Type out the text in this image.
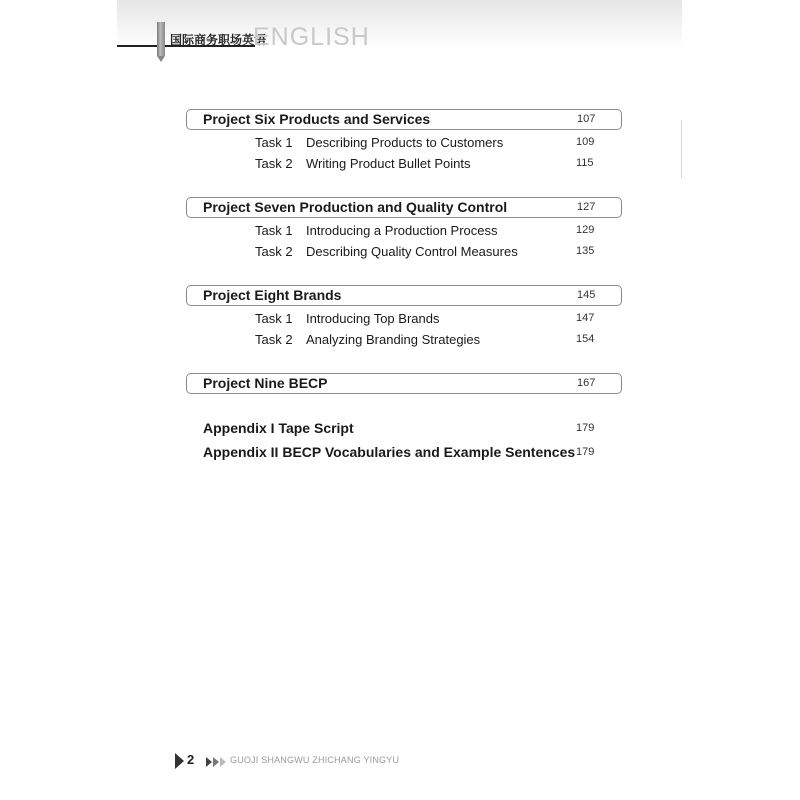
国际商务职场英语
ENGLISH
Project Six Products and Services	107
Task 1 Describing Products to Customers	109
Task 2 Writing Product Bullet Points	115
Project Seven Production and Quality Control	127
Task 1 Introducing a Production Process	129
Task 2 Describing Quality Control Measures	135
Project Eight Brands	145
Task 1 Introducing Top Brands	147
Task 2 Analyzing Branding Strategies	154
Project Nine BECP	167
Appendix I Tape Script	179
Appendix II BECP Vocabularies and Example Sentences 179
2	GUOJI SHANGWU ZHICHANG YINGYU
